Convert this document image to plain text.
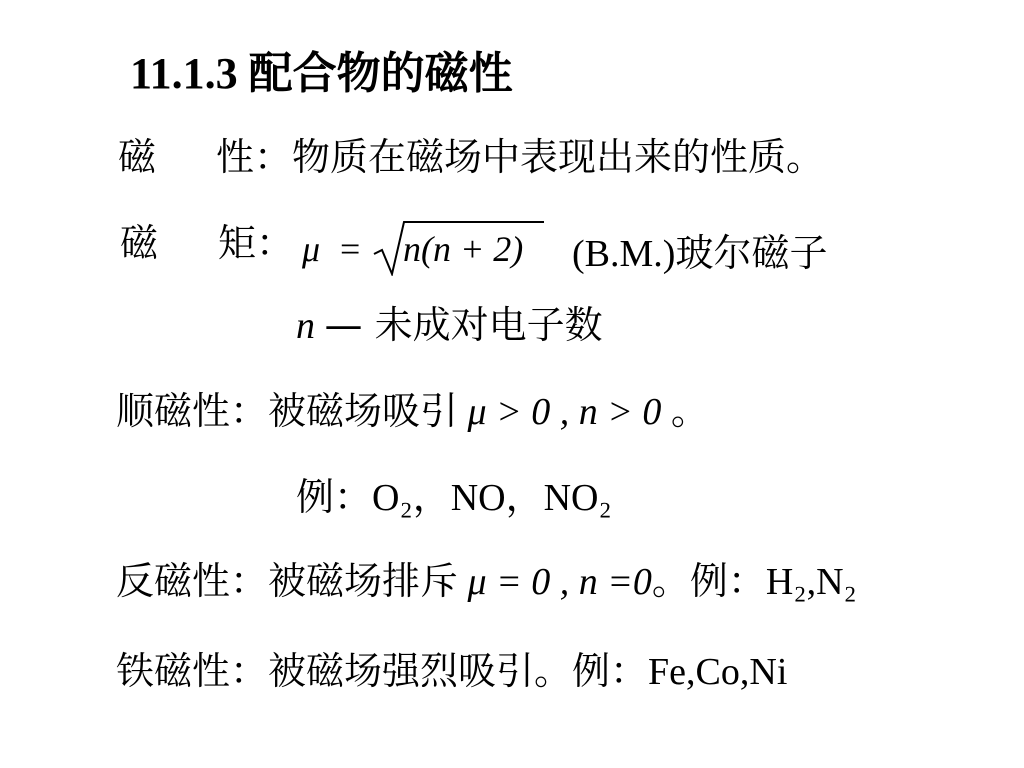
11.1.3 配合物的磁性
磁 性：物质在磁场中表现出来的性质。
磁 矩： μ = n(n + 2) (B.M.)玻尔磁子
n — 未成对电子数
顺磁性：被磁场吸引 μ > 0 , n > 0 。
例：O₂，NO，NO₂
反磁性：被磁场排斥 μ = 0 , n =0。例：H₂,N₂
铁磁性：被磁场强烈吸引。例：Fe,Co,Ni
